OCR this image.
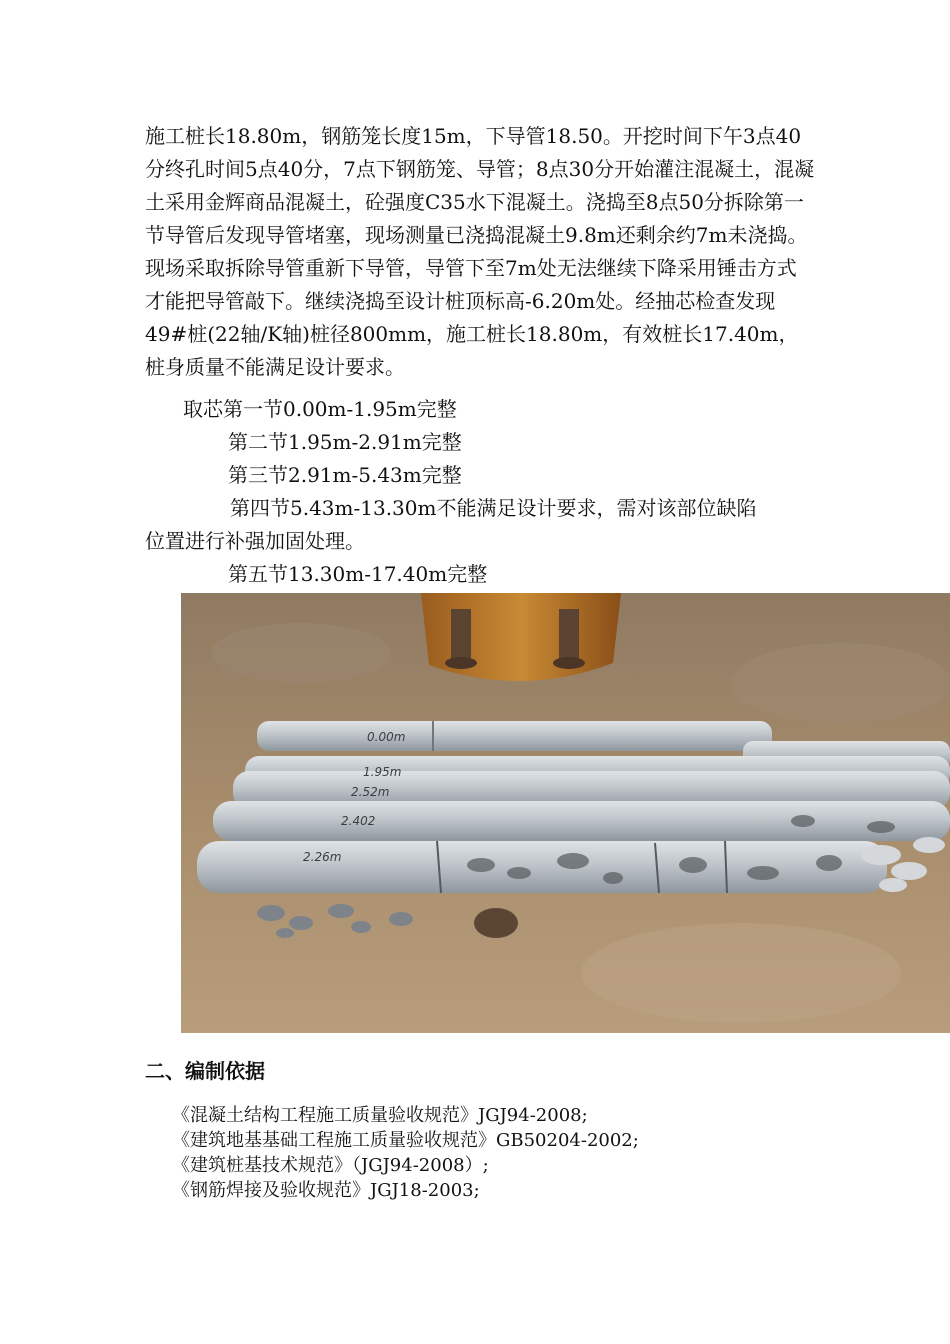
施工桩长18.80m，钢筋笼长度15m，下导管18.50。开挖时间下午3点40分终孔时间5点40分，7点下钢筋笼、导管；8点30分开始灌注混凝土，混凝土采用金辉商品混凝土，砼强度C35水下混凝土。浇捣至8点50分拆除第一节导管后发现导管堵塞，现场测量已浇捣混凝土9.8m还剩余约7m未浇捣。现场采取拆除导管重新下导管，导管下至7m处无法继续下降采用锤击方式才能把导管敲下。继续浇捣至设计桩顶标高-6.20m处。经抽芯检查发现49#桩(22轴/K轴)桩径800mm，施工桩长18.80m，有效桩长17.40m，桩身质量不能满足设计要求。
取芯第一节0.00m-1.95m完整
第二节1.95m-2.91m完整
第三节2.91m-5.43m完整
第四节5.43m-13.30m不能满足设计要求，需对该部位缺陷
位置进行补强加固处理。
第五节13.30m-17.40m完整
0.00m
1.95m
2.52m
2.402
2.26m
二、编制依据
《混凝土结构工程施工质量验收规范》JGJ94-2008;
《建筑地基基础工程施工质量验收规范》GB50204-2002;
《建筑桩基技术规范》（JGJ94-2008）;
《钢筋焊接及验收规范》JGJ18-2003;
